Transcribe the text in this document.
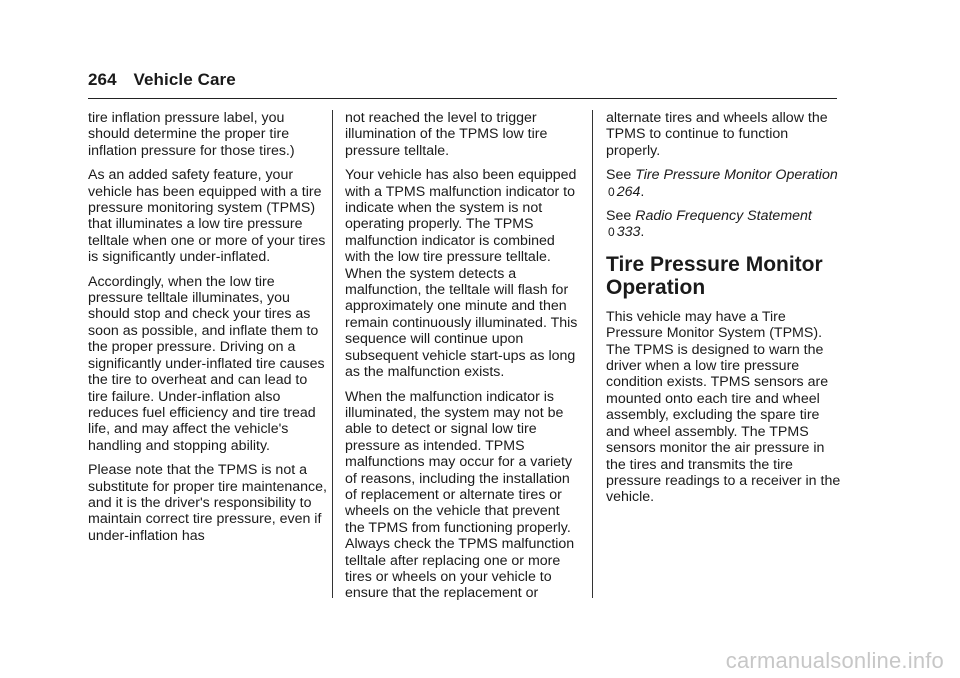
264 Vehicle Care

tire inflation pressure label, you should determine the proper tire inflation pressure for those tires.)

As an added safety feature, your vehicle has been equipped with a tire pressure monitoring system (TPMS) that illuminates a low tire pressure telltale when one or more of your tires is significantly under-inflated.

Accordingly, when the low tire pressure telltale illuminates, you should stop and check your tires as soon as possible, and inflate them to the proper pressure. Driving on a significantly under-inflated tire causes the tire to overheat and can lead to tire failure. Under-inflation also reduces fuel efficiency and tire tread life, and may affect the vehicle's handling and stopping ability.

Please note that the TPMS is not a substitute for proper tire maintenance, and it is the driver's responsibility to maintain correct tire pressure, even if under-inflation has

not reached the level to trigger illumination of the TPMS low tire pressure telltale.

Your vehicle has also been equipped with a TPMS malfunction indicator to indicate when the system is not operating properly. The TPMS malfunction indicator is combined with the low tire pressure telltale. When the system detects a malfunction, the telltale will flash for approximately one minute and then remain continuously illuminated. This sequence will continue upon subsequent vehicle start-ups as long as the malfunction exists.

When the malfunction indicator is illuminated, the system may not be able to detect or signal low tire pressure as intended. TPMS malfunctions may occur for a variety of reasons, including the installation of replacement or alternate tires or wheels on the vehicle that prevent the TPMS from functioning properly. Always check the TPMS malfunction telltale after replacing one or more tires or wheels on your vehicle to ensure that the replacement or

alternate tires and wheels allow the TPMS to continue to function properly.

See Tire Pressure Monitor Operation 0 264.

See Radio Frequency Statement
0 333.

Tire Pressure Monitor Operation

This vehicle may have a Tire Pressure Monitor System (TPMS). The TPMS is designed to warn the driver when a low tire pressure condition exists. TPMS sensors are mounted onto each tire and wheel assembly, excluding the spare tire and wheel assembly. The TPMS sensors monitor the air pressure in the tires and transmits the tire pressure readings to a receiver in the vehicle.

carmanualsonline.info
